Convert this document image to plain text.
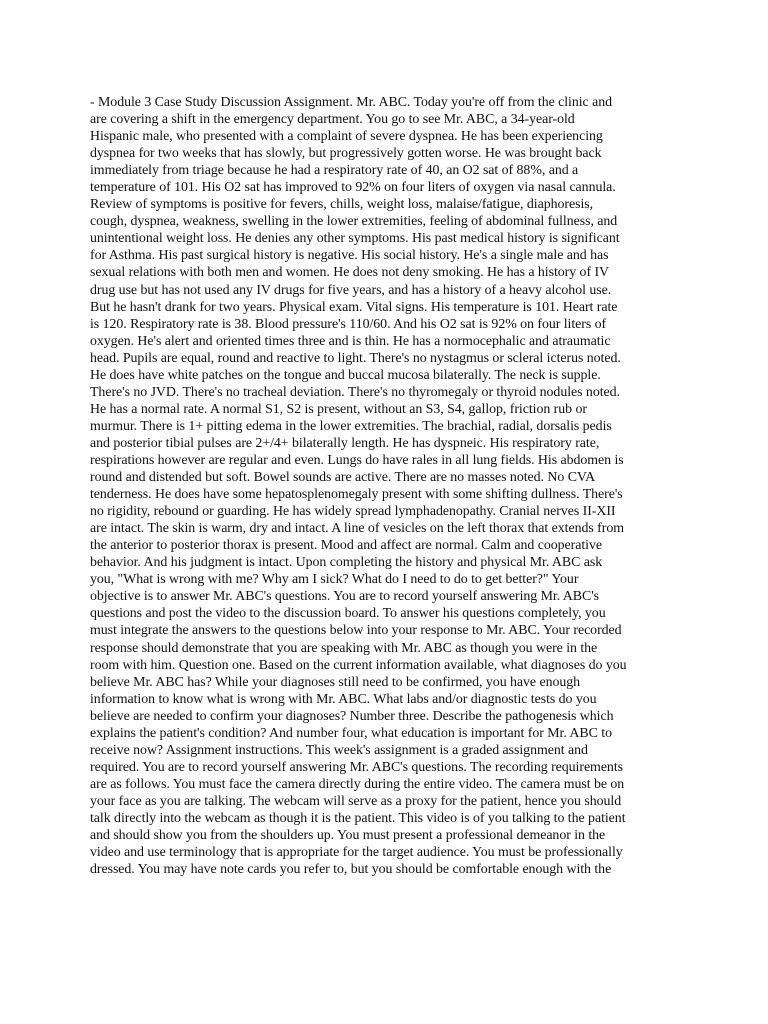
- Module 3 Case Study Discussion Assignment. Mr. ABC. Today you're off from the clinic and
are covering a shift in the emergency department. You go to see Mr. ABC, a 34-year-old
Hispanic male, who presented with a complaint of severe dyspnea. He has been experiencing
dyspnea for two weeks that has slowly, but progressively gotten worse. He was brought back
immediately from triage because he had a respiratory rate of 40, an O2 sat of 88%, and a
temperature of 101. His O2 sat has improved to 92% on four liters of oxygen via nasal cannula.
Review of symptoms is positive for fevers, chills, weight loss, malaise/fatigue, diaphoresis,
cough, dyspnea, weakness, swelling in the lower extremities, feeling of abdominal fullness, and
unintentional weight loss. He denies any other symptoms. His past medical history is significant
for Asthma. His past surgical history is negative. His social history. He's a single male and has
sexual relations with both men and women. He does not deny smoking. He has a history of IV
drug use but has not used any IV drugs for five years, and has a history of a heavy alcohol use.
But he hasn't drank for two years. Physical exam. Vital signs. His temperature is 101. Heart rate
is 120. Respiratory rate is 38. Blood pressure's 110/60. And his O2 sat is 92% on four liters of
oxygen. He's alert and oriented times three and is thin. He has a normocephalic and atraumatic
head. Pupils are equal, round and reactive to light. There's no nystagmus or scleral icterus noted.
He does have white patches on the tongue and buccal mucosa bilaterally. The neck is supple.
There's no JVD. There's no tracheal deviation. There's no thyromegaly or thyroid nodules noted.
He has a normal rate. A normal S1, S2 is present, without an S3, S4, gallop, friction rub or
murmur. There is 1+ pitting edema in the lower extremities. The brachial, radial, dorsalis pedis
and posterior tibial pulses are 2+/4+ bilaterally length. He has dyspneic. His respiratory rate,
respirations however are regular and even. Lungs do have rales in all lung fields. His abdomen is
round and distended but soft. Bowel sounds are active. There are no masses noted. No CVA
tenderness. He does have some hepatosplenomegaly present with some shifting dullness. There's
no rigidity, rebound or guarding. He has widely spread lymphadenopathy. Cranial nerves II-XII
are intact. The skin is warm, dry and intact. A line of vesicles on the left thorax that extends from
the anterior to posterior thorax is present. Mood and affect are normal. Calm and cooperative
behavior. And his judgment is intact. Upon completing the history and physical Mr. ABC ask
you, "What is wrong with me? Why am I sick? What do I need to do to get better?" Your
objective is to answer Mr. ABC's questions. You are to record yourself answering Mr. ABC's
questions and post the video to the discussion board. To answer his questions completely, you
must integrate the answers to the questions below into your response to Mr. ABC. Your recorded
response should demonstrate that you are speaking with Mr. ABC as though you were in the
room with him. Question one. Based on the current information available, what diagnoses do you
believe Mr. ABC has? While your diagnoses still need to be confirmed, you have enough
information to know what is wrong with Mr. ABC. What labs and/or diagnostic tests do you
believe are needed to confirm your diagnoses? Number three. Describe the pathogenesis which
explains the patient's condition? And number four, what education is important for Mr. ABC to
receive now? Assignment instructions. This week's assignment is a graded assignment and
required. You are to record yourself answering Mr. ABC's questions. The recording requirements
are as follows. You must face the camera directly during the entire video. The camera must be on
your face as you are talking. The webcam will serve as a proxy for the patient, hence you should
talk directly into the webcam as though it is the patient. This video is of you talking to the patient
and should show you from the shoulders up. You must present a professional demeanor in the
video and use terminology that is appropriate for the target audience. You must be professionally
dressed. You may have note cards you refer to, but you should be comfortable enough with the
